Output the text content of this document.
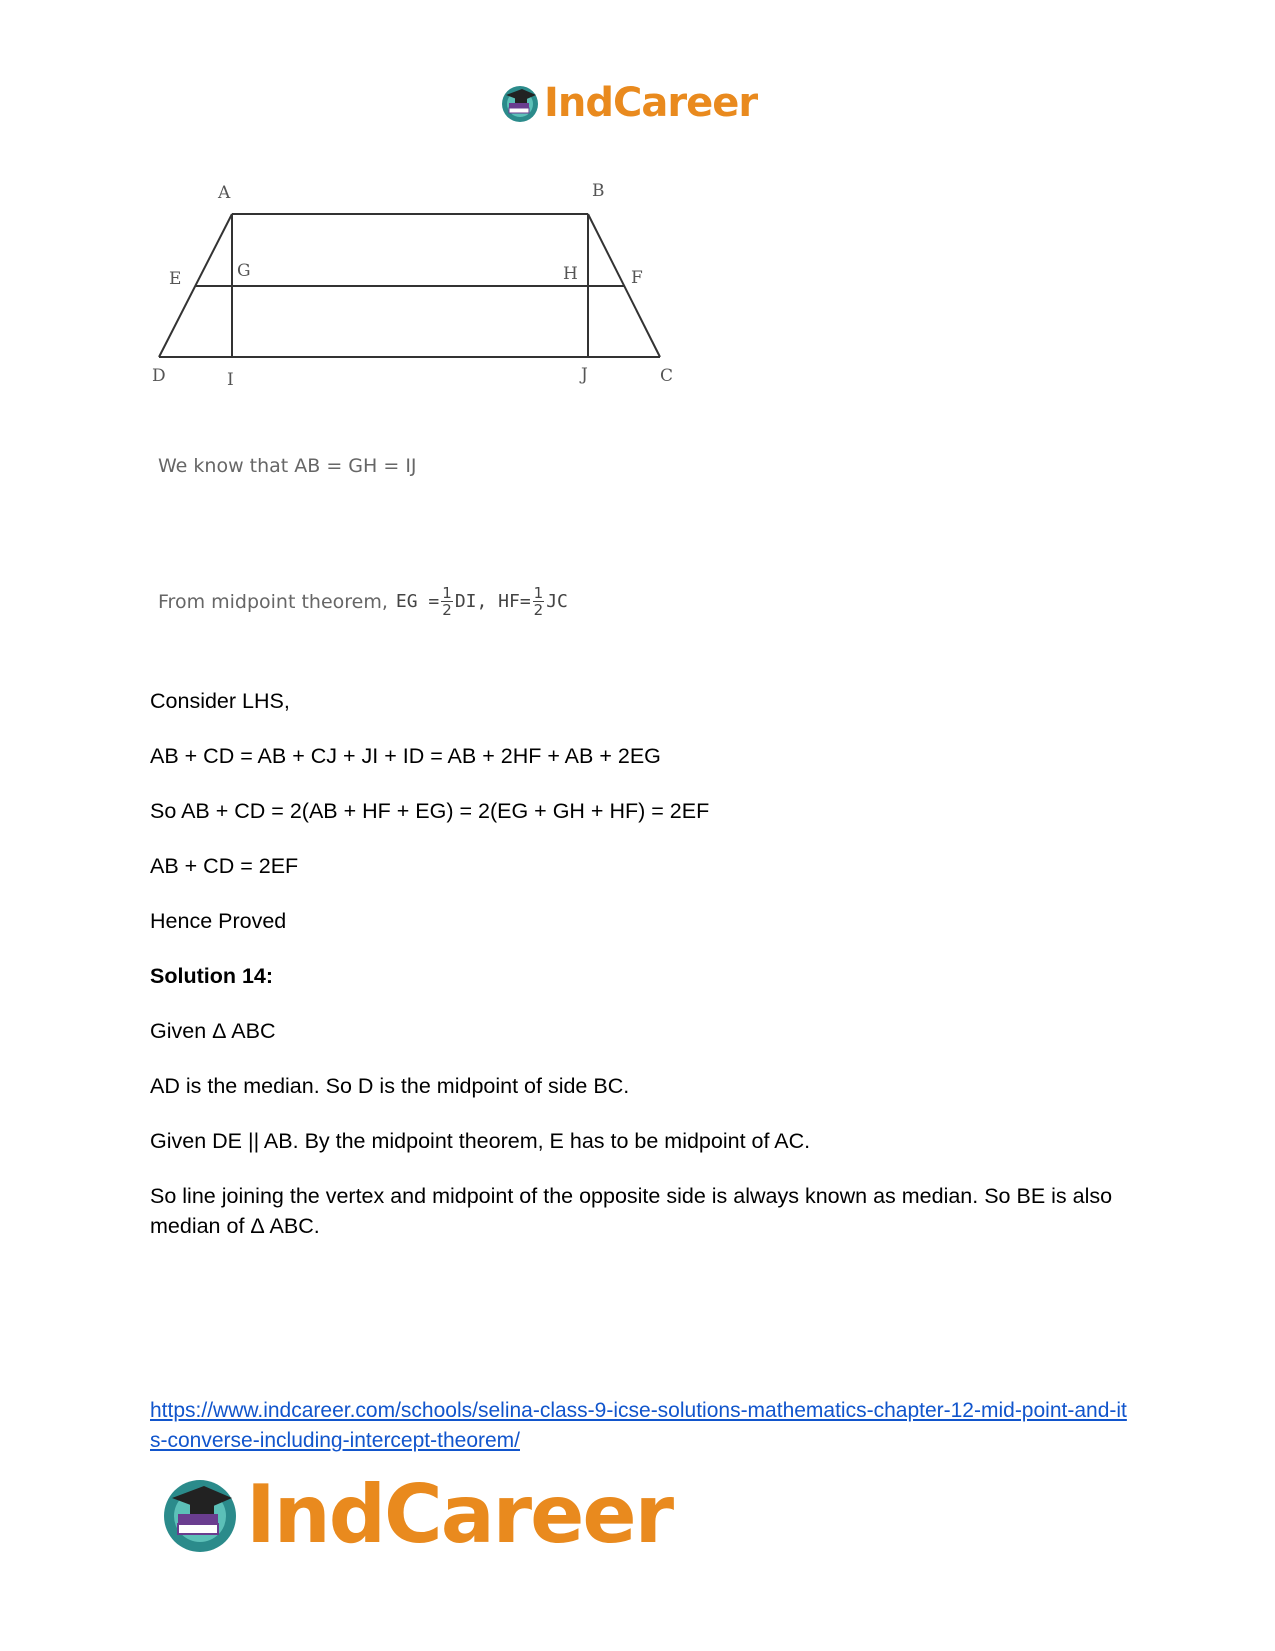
IndCareer
A	B
E	G	H	F
D	I	J	C
We know that AB = GH = IJ
From midpoint theorem, EG = $\frac{1}{2}$ DI, $HF= \frac{1}{2}$ JC
Consider LHS,
AB + CD = AB + CJ + JI + ID = AB + 2HF + AB + 2EG
So AB + CD = 2(AB + HF + EG) = 2(EG + GH + HF) = 2EF
AB + CD = 2EF
Hence Proved
Solution 14:
Given Δ ABC
AD is the median. So D is the midpoint of side BC.
Given DE || AB. By the midpoint theorem, E has to be midpoint of AC.
So line joining the vertex and midpoint of the opposite side is always known as median. So BE is also median of Δ ABC.
https://www.indcareer.com/schools/selina-class-9-icse-solutions-mathematics-chapter-12-mid-point-and-its-converse-including-intercept-theorem/
IndCareer
